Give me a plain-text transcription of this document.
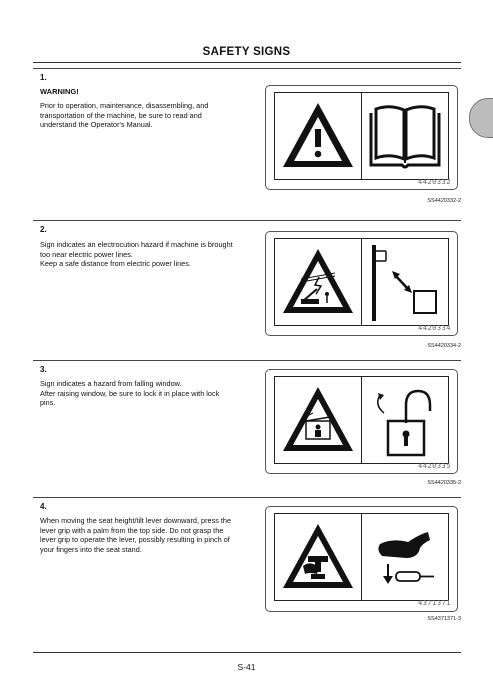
SAFETY SIGNS
1.
WARNING!
Prior to operation, maintenance, disassembling, and
transportation of the machine, be sure to read and
understand the Operator's Manual.
4420332
SS4420332-2
2.
Sign indicates an electrocution hazard if machine is brought
too near electric power lines.
Keep a safe distance from electric power lines.
4420334
SS4420334-2
3.
Sign indicates a hazard from falling window.
After raising window, be sure to lock it in place with lock
pins.
4420335
SS4420335-2
4.
When moving the seat height/tilt lever downward, press the
lever grip with a palm from the top side. Do not grasp the
lever grip to operate the lever, possibly resulting in pinch of
your fingers into the seat stand.
4371371
SS4371371-3
S-41
